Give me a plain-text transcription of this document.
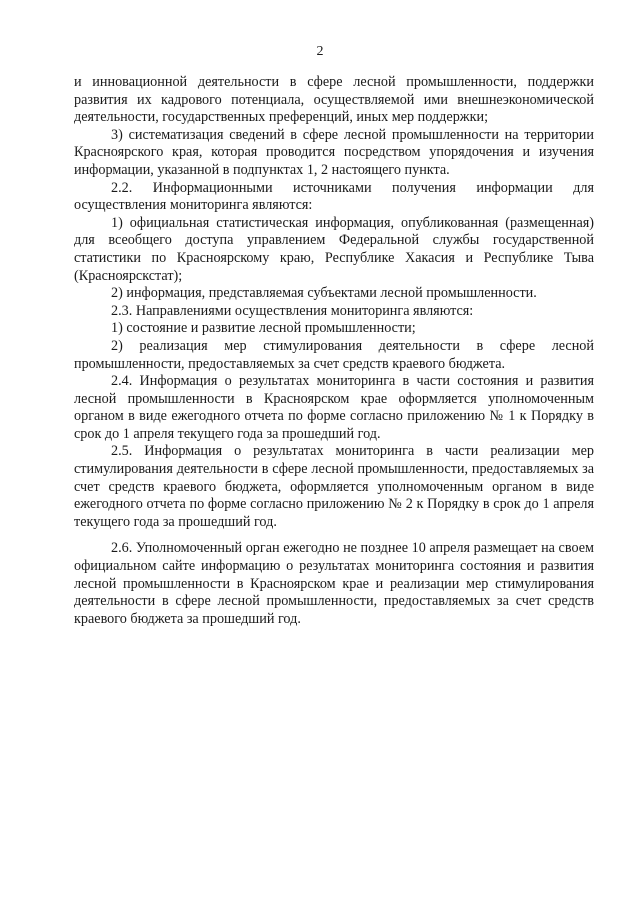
2

и инновационной деятельности в сфере лесной промышленности, поддержки развития их кадрового потенциала, осуществляемой ими внешнеэкономической деятельности, государственных преференций, иных мер поддержки;

3) систематизация сведений в сфере лесной промышленности на территории Красноярского края, которая проводится посредством упорядочения и изучения информации, указанной в подпунктах 1, 2 настоящего пункта.

2.2. Информационными источниками получения информации для осуществления мониторинга являются:

1) официальная статистическая информация, опубликованная (размещенная) для всеобщего доступа управлением Федеральной службы государственной статистики по Красноярскому краю, Республике Хакасия и Республике Тыва (Красноярскстат);

2) информация, представляемая субъектами лесной промышленности.

2.3. Направлениями осуществления мониторинга являются:

1) состояние и развитие лесной промышленности;

2) реализация мер стимулирования деятельности в сфере лесной промышленности, предоставляемых за счет средств краевого бюджета.

2.4. Информация о результатах мониторинга в части состояния и развития лесной промышленности в Красноярском крае оформляется уполномоченным органом в виде ежегодного отчета по форме согласно приложению № 1 к Порядку в срок до 1 апреля текущего года за прошедший год.

2.5. Информация о результатах мониторинга в части реализации мер стимулирования деятельности в сфере лесной промышленности, предоставляемых за счет средств краевого бюджета, оформляется уполномоченным органом в виде ежегодного отчета по форме согласно приложению № 2 к Порядку в срок до 1 апреля текущего года за прошедший год.

2.6. Уполномоченный орган ежегодно не позднее 10 апреля размещает на своем официальном сайте информацию о результатах мониторинга состояния и развития лесной промышленности в Красноярском крае и реализации мер стимулирования деятельности в сфере лесной промышленности, предоставляемых за счет средств краевого бюджета за прошедший год.
